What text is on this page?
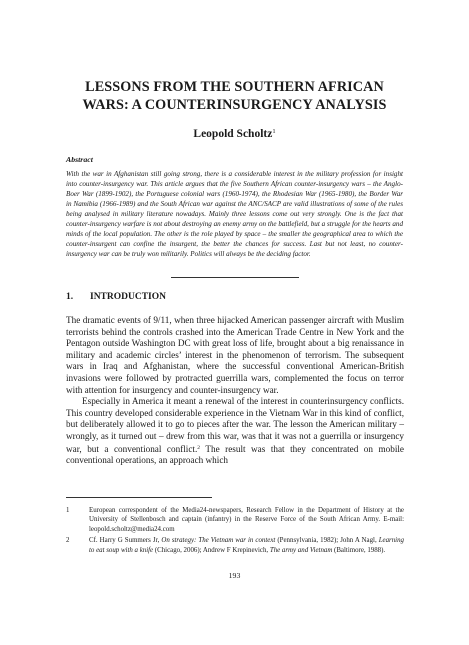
LESSONS FROM THE SOUTHERN AFRICAN
WARS: A COUNTERINSURGENCY ANALYSIS
Leopold Scholtz$^1$
Abstract
With the war in Afghanistan still going strong, there is a considerable interest in the military profession for insight into counter-insurgency war. This article argues that the five Southern African counter-insurgency wars – the Anglo-Boer War (1899-1902), the Portuguese colonial wars (1960-1974), the Rhodesian War (1965-1980), the Border War in Namibia (1966-1989) and the South African war against the ANC/SACP are valid illustrations of some of the rules being analysed in military literature nowadays. Mainly three lessons come out very strongly. One is the fact that counter-insurgency warfare is not about destroying an enemy army on the battlefield, but a struggle for the hearts and minds of the local population. The other is the role played by space – the smaller the geographical area to which the counter-insurgent can confine the insurgent, the better the chances for success. Last but not least, no counter-insurgency war can be truly won militarily. Politics will always be the deciding factor.
1. INTRODUCTION

The dramatic events of 9/11, when three hijacked American passenger aircraft with Muslim terrorists behind the controls crashed into the American Trade Centre in New York and the Pentagon outside Washington DC with great loss of life, brought about a big renaissance in military and academic circles’ interest in the phenomenon of terrorism. The subsequent wars in Iraq and Afghanistan, where the successful conventional American-British invasions were followed by protracted guerrilla wars, complemented the focus on terror with attention for insurgency and counter-insurgency war.

Especially in America it meant a renewal of the interest in counterinsurgency conflicts. This country developed considerable experience in the Vietnam War in this kind of conflict, but deliberately allowed it to go to pieces after the war. The lesson the American military – wrongly, as it turned out – drew from this war, was that it was not a guerrilla or insurgency war, but a conventional conflict.$^2$ The result was that they concentrated on mobile conventional operations, an approach which

1	European correspondent of the Media24-newspapers, Research Fellow in the Department of History at the University of Stellenbosch and captain (infantry) in the Reserve Force of the South African Army. E-mail: leopold.scholtz@media24.com
2	Cf. Harry G Summers Jr, On strategy: The Vietnam war in context (Pennsylvania, 1982); John A Nagl, Learning to eat soup with a knife (Chicago, 2006); Andrew F Krepinevich, The army and Vietnam (Baltimore, 1988).
193
